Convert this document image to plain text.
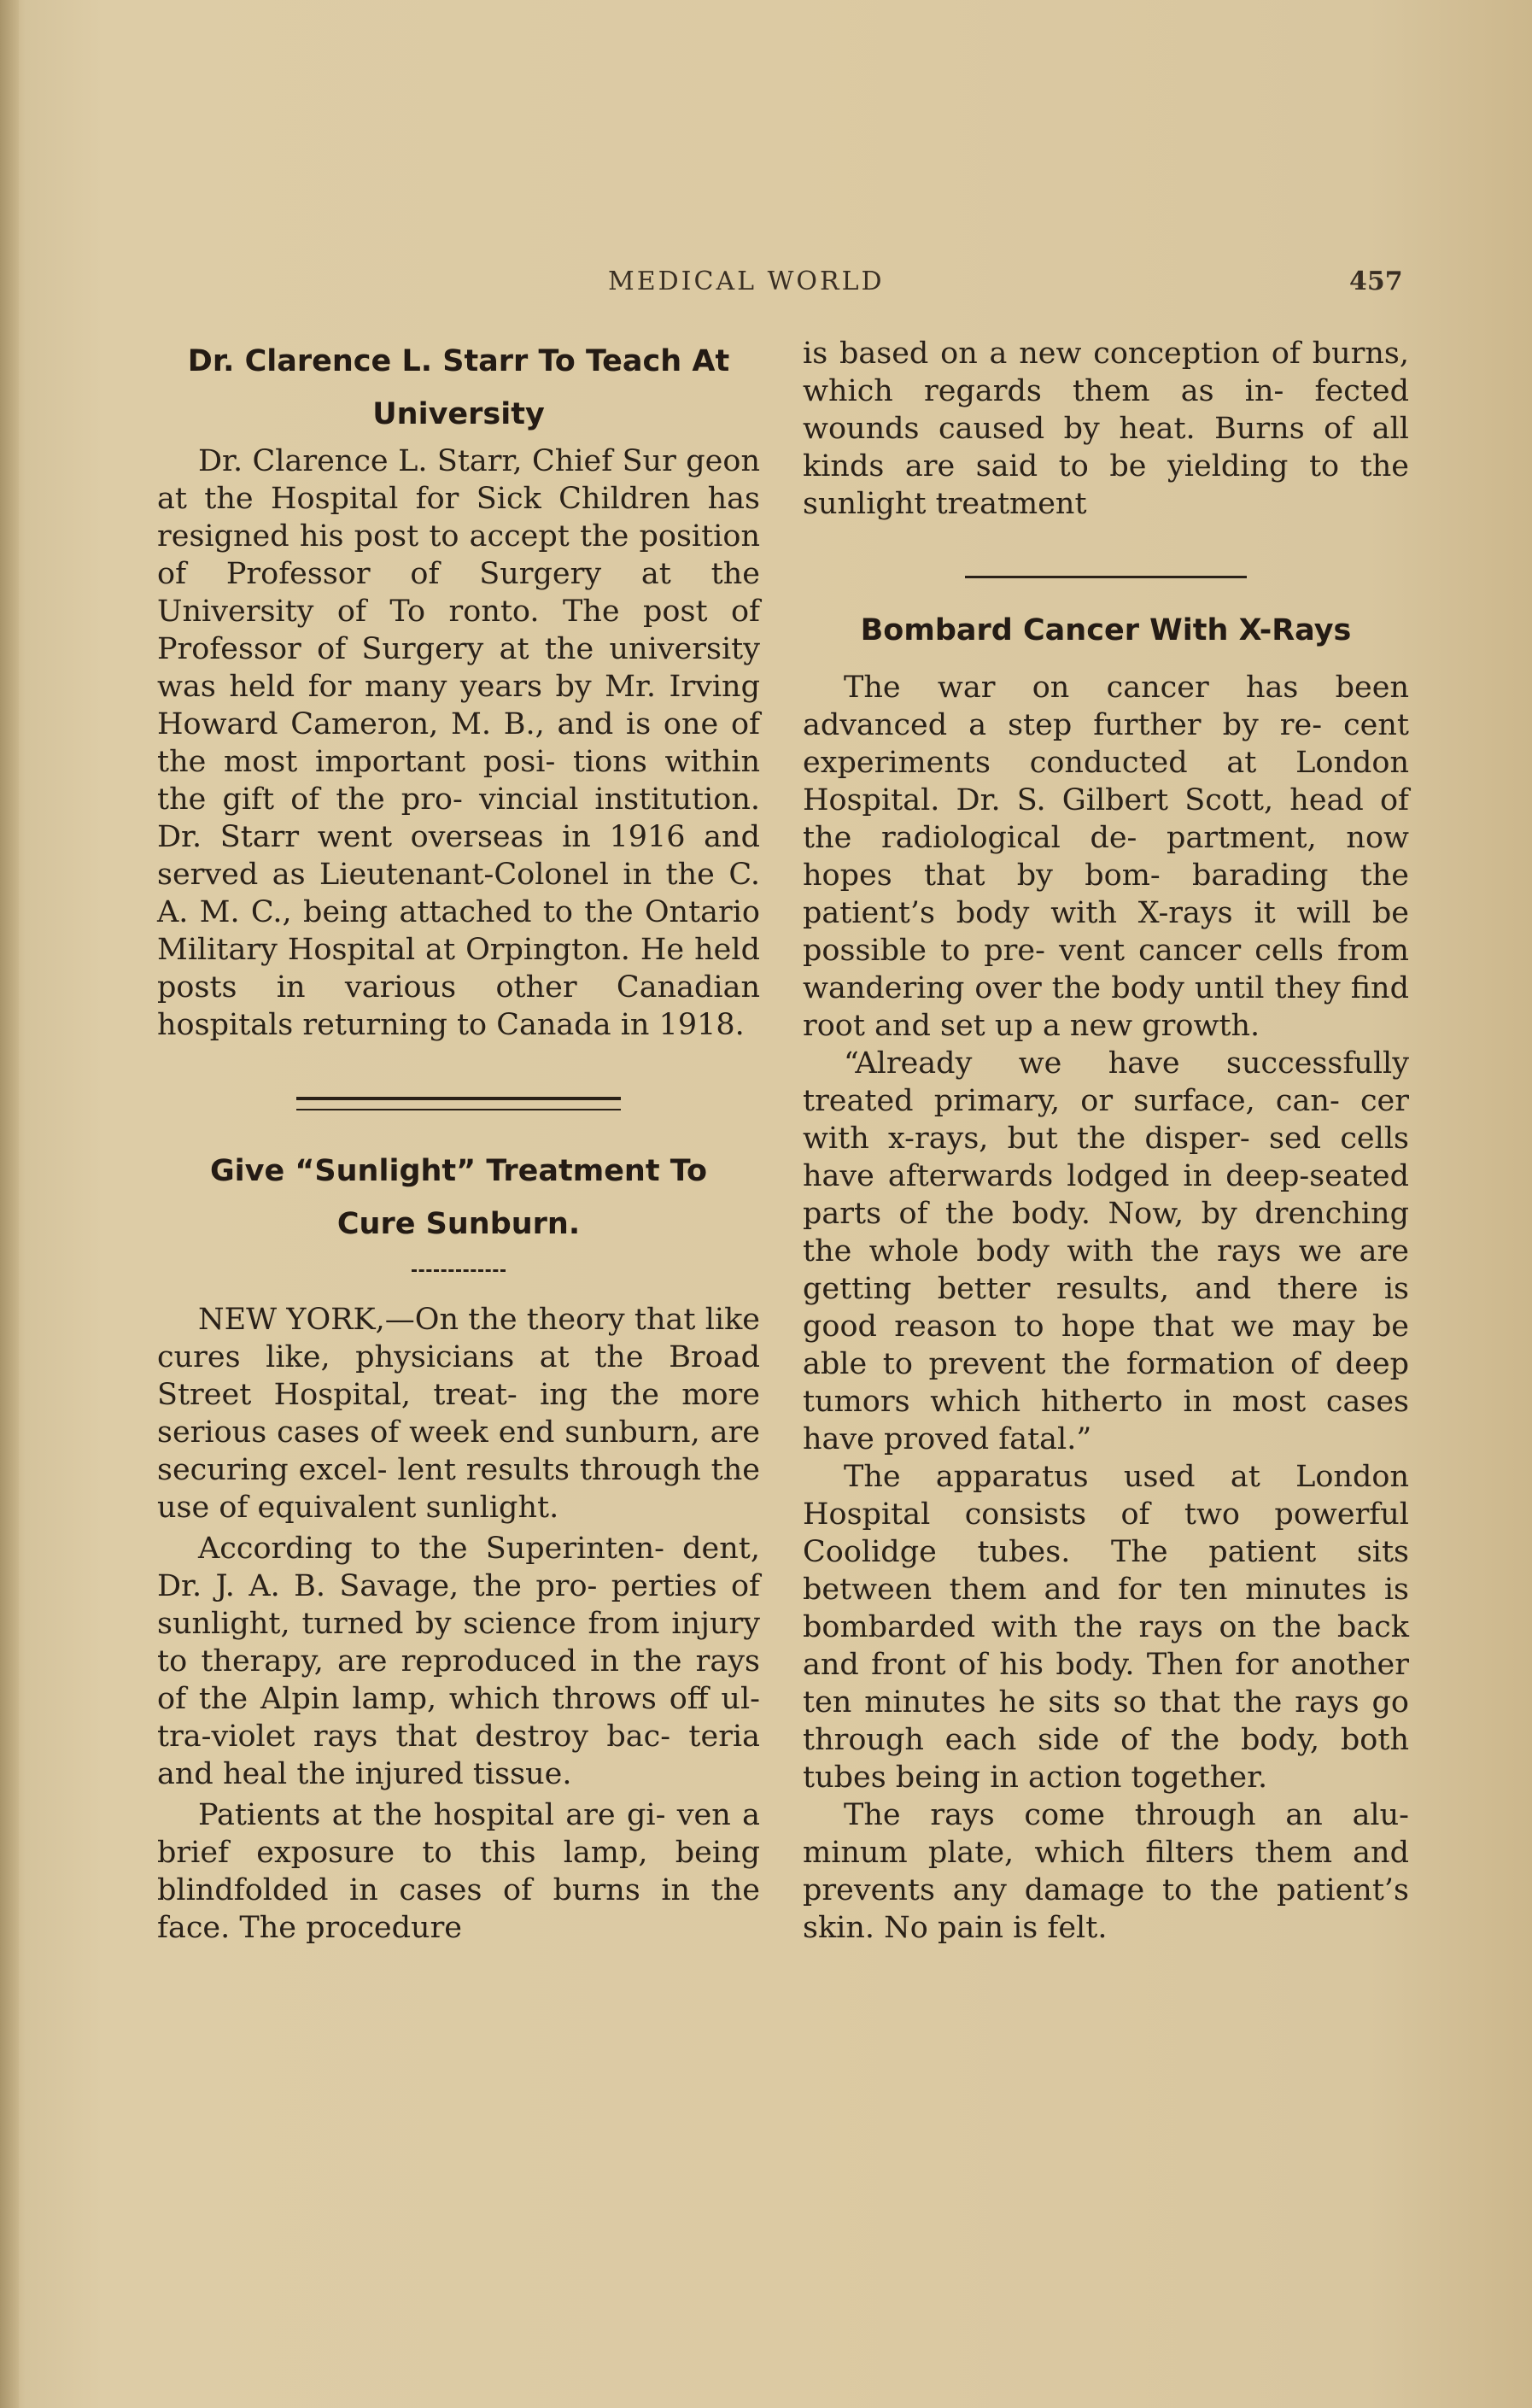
MEDICAL WORLD	457

Dr. Clarence L. Starr To Teach At

University

Dr. Clarence L. Starr, Chief Sur geon at the Hospital for Sick Children has resigned his post to accept the position of Professor of Surgery at the University of To ronto. The post of Professor of Surgery at the university was held for many years by Mr. Irving Howard Cameron, M. B., and is one of the most important posi- tions within the gift of the pro- vincial institution. Dr. Starr went overseas in 1916 and served as Lieutenant-Colonel in the C. A. M. C., being attached to the Ontario Military Hospital at Orpington. He held posts in various other Canadian hospitals returning to Canada in 1918.

Give “Sunlight” Treatment To

Cure Sunburn.

NEW YORK,—On the theory that like cures like, physicians at the Broad Street Hospital, treat- ing the more serious cases of week end sunburn, are securing excel- lent results through the use of equivalent sunlight.

According to the Superinten- dent, Dr. J. A. B. Savage, the pro- perties of sunlight, turned by science from injury to therapy, are reproduced in the rays of the Alpin lamp, which throws off ul- tra-violet rays that destroy bac- teria and heal the injured tissue.

Patients at the hospital are gi- ven a brief exposure to this lamp, being blindfolded in cases of burns in the face. The procedure

is based on a new conception of burns, which regards them as in- fected wounds caused by heat. Burns of all kinds are said to be yielding to the sunlight treatment

Bombard Cancer With X-Rays

The war on cancer has been advanced a step further by re- cent experiments conducted at London Hospital. Dr. S. Gilbert Scott, head of the radiological de- partment, now hopes that by bom- barading the patient’s body with X-rays it will be possible to pre- vent cancer cells from wandering over the body until they find root and set up a new growth.

“Already we have successfully treated primary, or surface, can- cer with x-rays, but the disper- sed cells have afterwards lodged in deep-seated parts of the body. Now, by drenching the whole body with the rays we are getting better results, and there is good reason to hope that we may be able to prevent the formation of deep tumors which hitherto in most cases have proved fatal.”

The apparatus used at London Hospital consists of two powerful Coolidge tubes. The patient sits between them and for ten minutes is bombarded with the rays on the back and front of his body. Then for another ten minutes he sits so that the rays go through each side of the body, both tubes being in action together.

The rays come through an alu- minum plate, which filters them and prevents any damage to the patient’s skin. No pain is felt.
